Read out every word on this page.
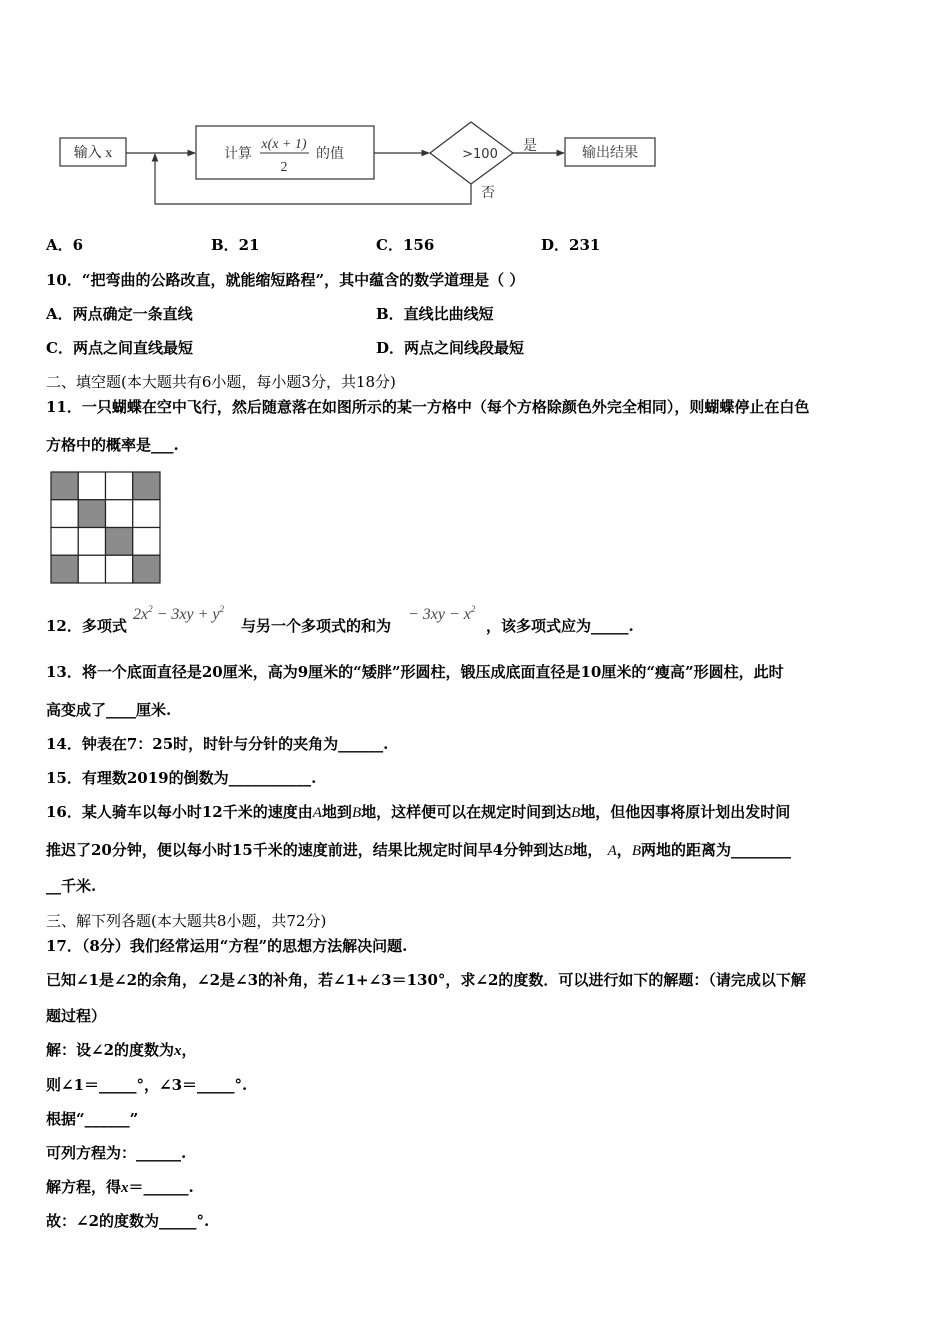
输入 x	计算
x(x + 1)
2
的值	>100
是	输出结果
否
A．6	B．21	C．156	D．231
10．“把弯曲的公路改直，就能缩短路程”，其中蕴含的数学道理是（ ）
A．两点确定一条直线	B．直线比曲线短
C．两点之间直线最短	D．两点之间线段最短
二、填空题(本大题共有6小题，每小题3分，共18分)
11．一只蝴蝶在空中飞行，然后随意落在如图所示的某一方格中（每个方格除颜色外完全相同），则蝴蝶停止在白色
方格中的概率是___.
12．多项式
$2x^2 - 3xy + y^2$
与另一个多项式的和为
− $3xy - x^2$
，该多项式应为_____.
13．将一个底面直径是20厘米，高为9厘米的“矮胖”形圆柱，锻压成底面直径是10厘米的“瘦高”形圆柱，此时
高变成了____厘米.
14．钟表在7：25时，时针与分针的夹角为______.
15．有理数2019的倒数为___________.
16．某人骑车以每小时12千米的速度由A地到B地，这样便可以在规定时间到达B地，但他因事将原计划出发时间
推迟了20分钟，便以每小时15千米的速度前进，结果比规定时间早4分钟到达B地， A，B两地的距离为________
__千米.
三、解下列各题(本大题共8小题，共72分)
17．（8分）我们经常运用“方程”的思想方法解决问题.
已知∠1是∠2的余角，∠2是∠3的补角，若∠1+∠3＝130°，求∠2的度数．可以进行如下的解题：（请完成以下解
题过程）
解：设∠2的度数为x，
则∠1＝_____°，∠3＝_____°.
根据“______”
可列方程为：______.
解方程，得x＝______.
故：∠2的度数为_____°.
